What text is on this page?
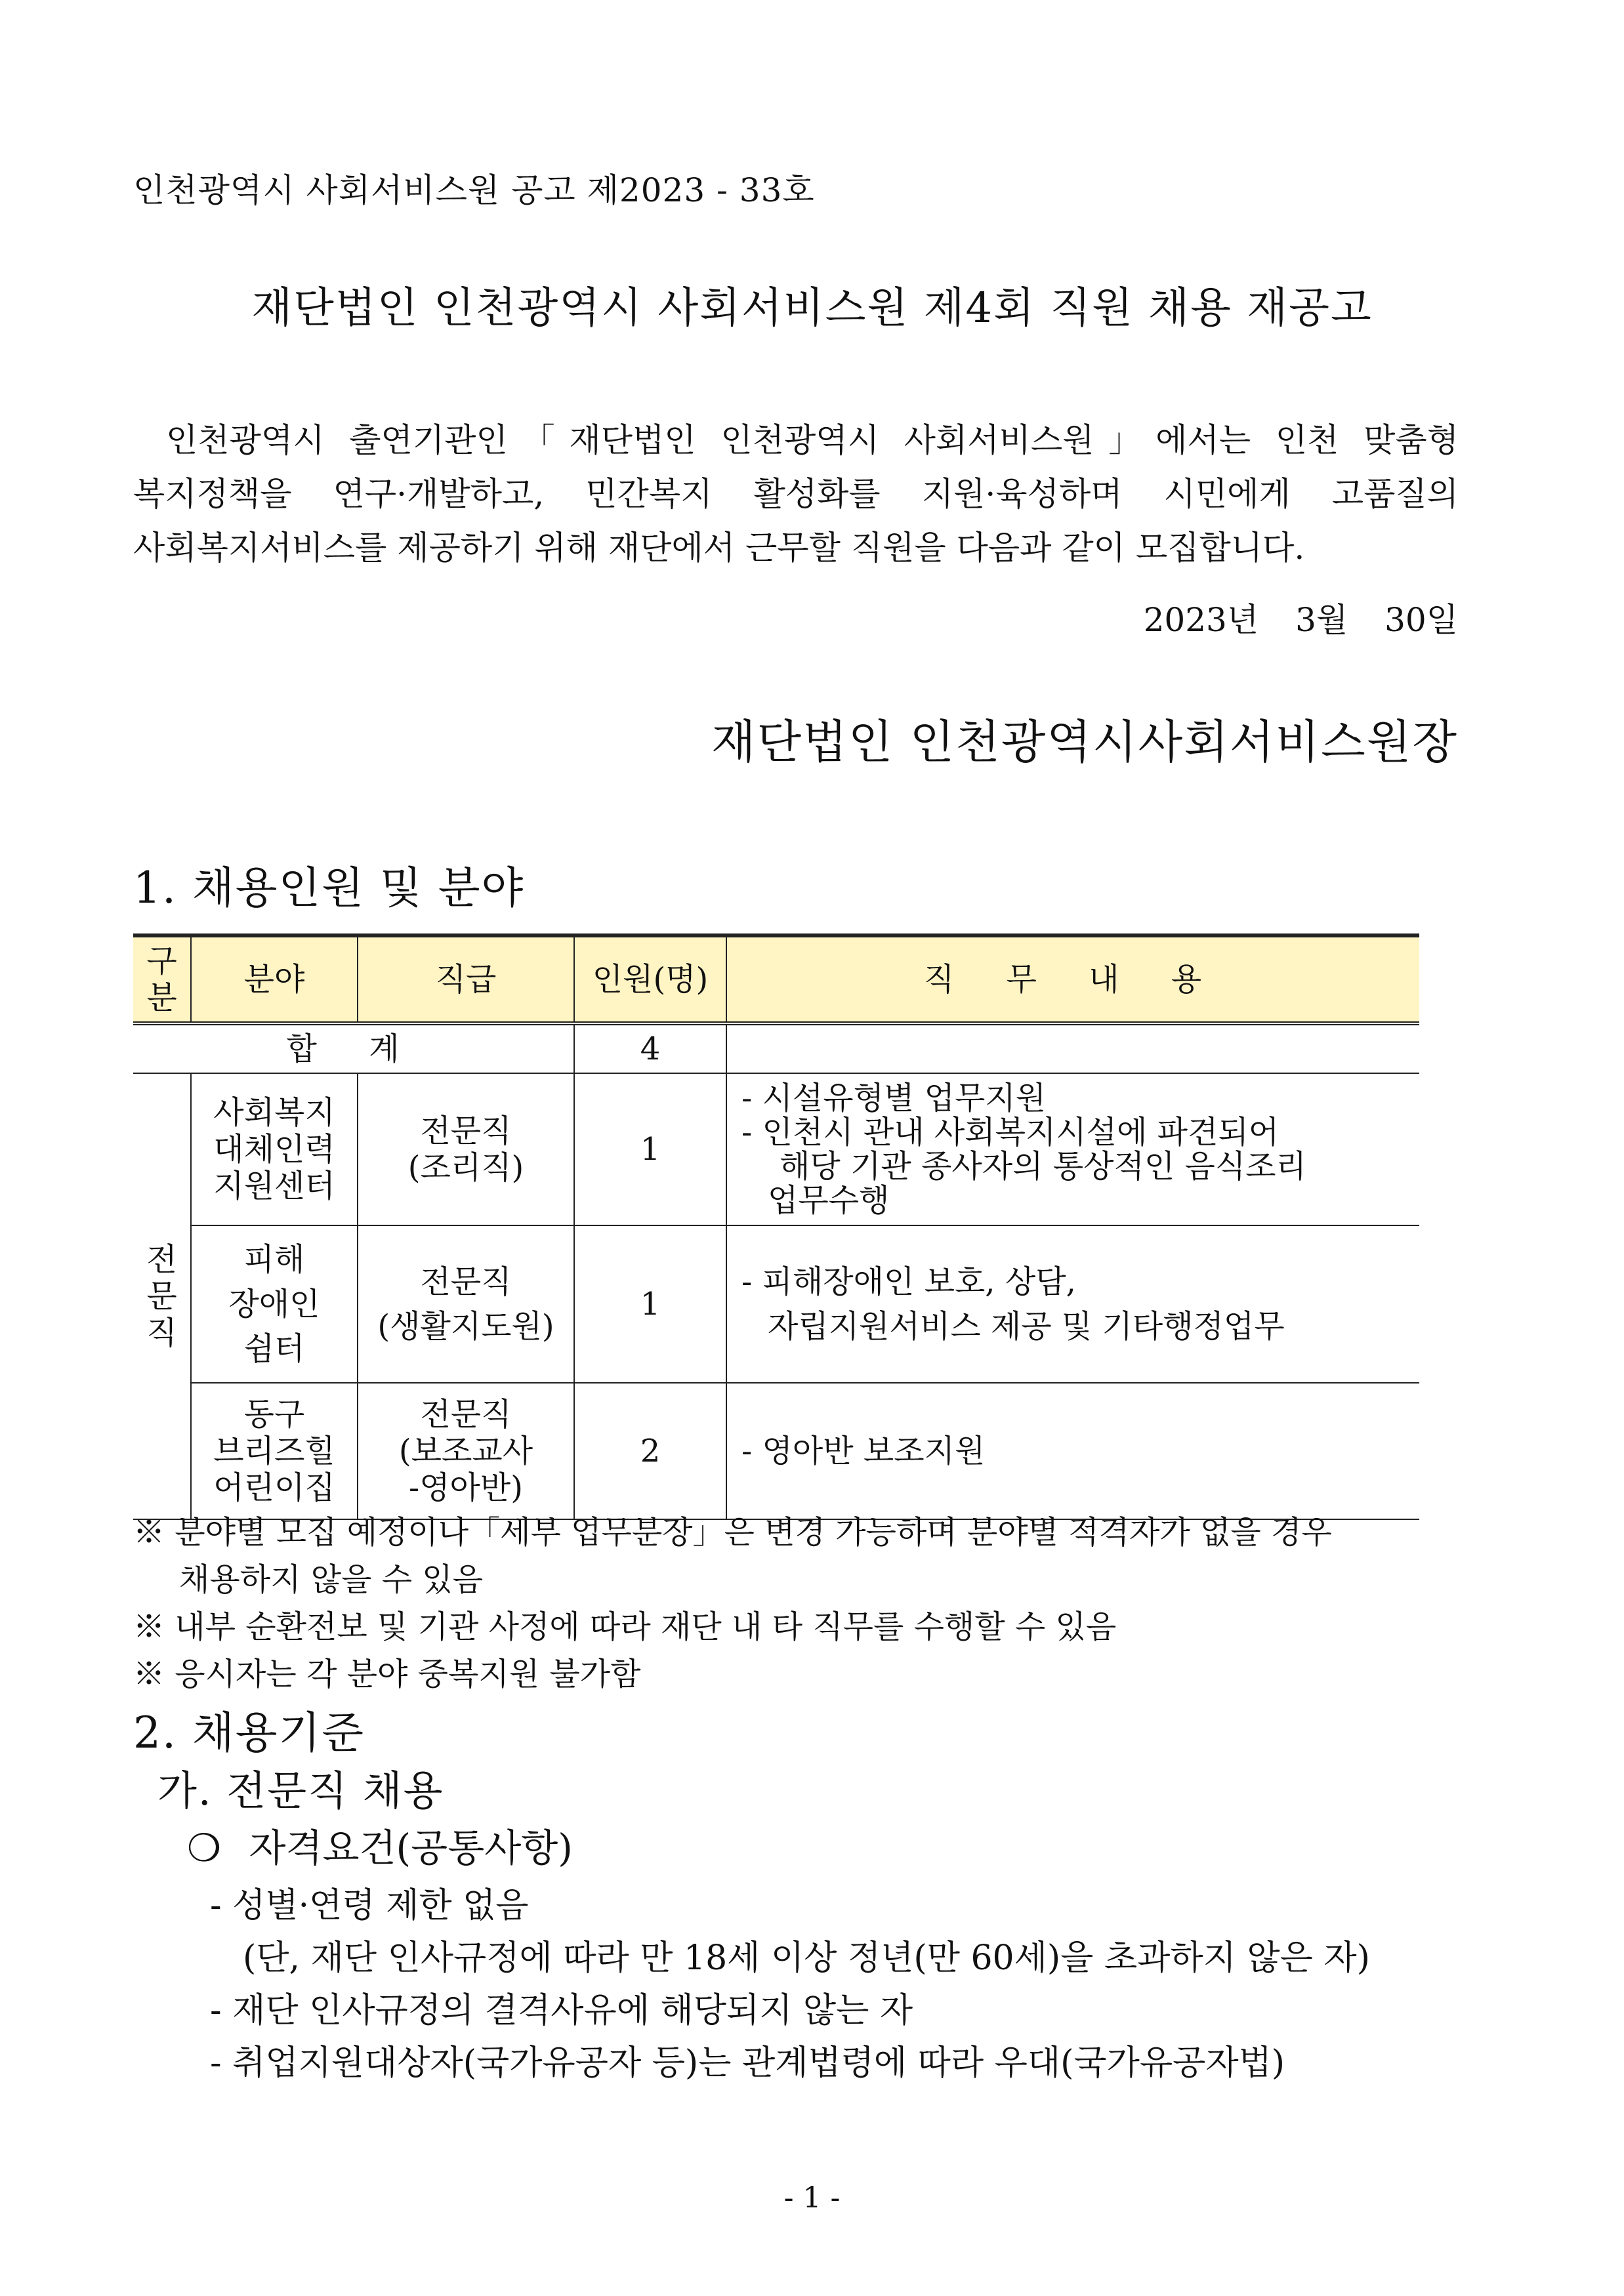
인천광역시 사회서비스원 공고 제2023 - 33호
재단법인 인천광역시 사회서비스원 제4회 직원 채용 재공고

인천광역시 출연기관인「재단법인 인천광역시 사회서비스원」에서는 인천 맞춤형

복지정책을 연구·개발하고, 민간복지 활성화를 지원·육성하며 시민에게 고품질의

사회복지서비스를 제공하기 위해 재단에서 근무할 직원을 다음과 같이 모집합니다.

2023년 3월 30일
재단법인 인천광역시사회서비스원장
1. 채용인원 및 분야
구
분	분야	직급	인원(명)	직 무 내 용
합 계			4	
전
문
직	사회복지
대체인력
지원센터	전문직
(조리직)	1	- 시설유형별 업무지원
- 인천시 관내 사회복지시설에 파견되어
해당 기관 종사자의 통상적인 음식조리
업무수행

	피해
장애인
쉼터	전문직
(생활지도원)	1	- 피해장애인 보호, 상담,
자립지원서비스 제공 및 기타행정업무

	동구
브리즈힐
어린이집	전문직
(보조교사
-영아반)	2	- 영아반 보조지원
※ 분야별 모집 예정이나「세부 업무분장」은 변경 가능하며 분야별 적격자가 없을 경우
채용하지 않을 수 있음
※ 내부 순환전보 및 기관 사정에 따라 재단 내 타 직무를 수행할 수 있음
※ 응시자는 각 분야 중복지원 불가함
2. 채용기준
가. 전문직 채용
❍ 자격요건(공통사항)
- 성별·연령 제한 없음
(단, 재단 인사규정에 따라 만 18세 이상 정년(만 60세)을 초과하지 않은 자)
- 재단 인사규정의 결격사유에 해당되지 않는 자
- 취업지원대상자(국가유공자 등)는 관계법령에 따라 우대(국가유공자법)
- 1 -
